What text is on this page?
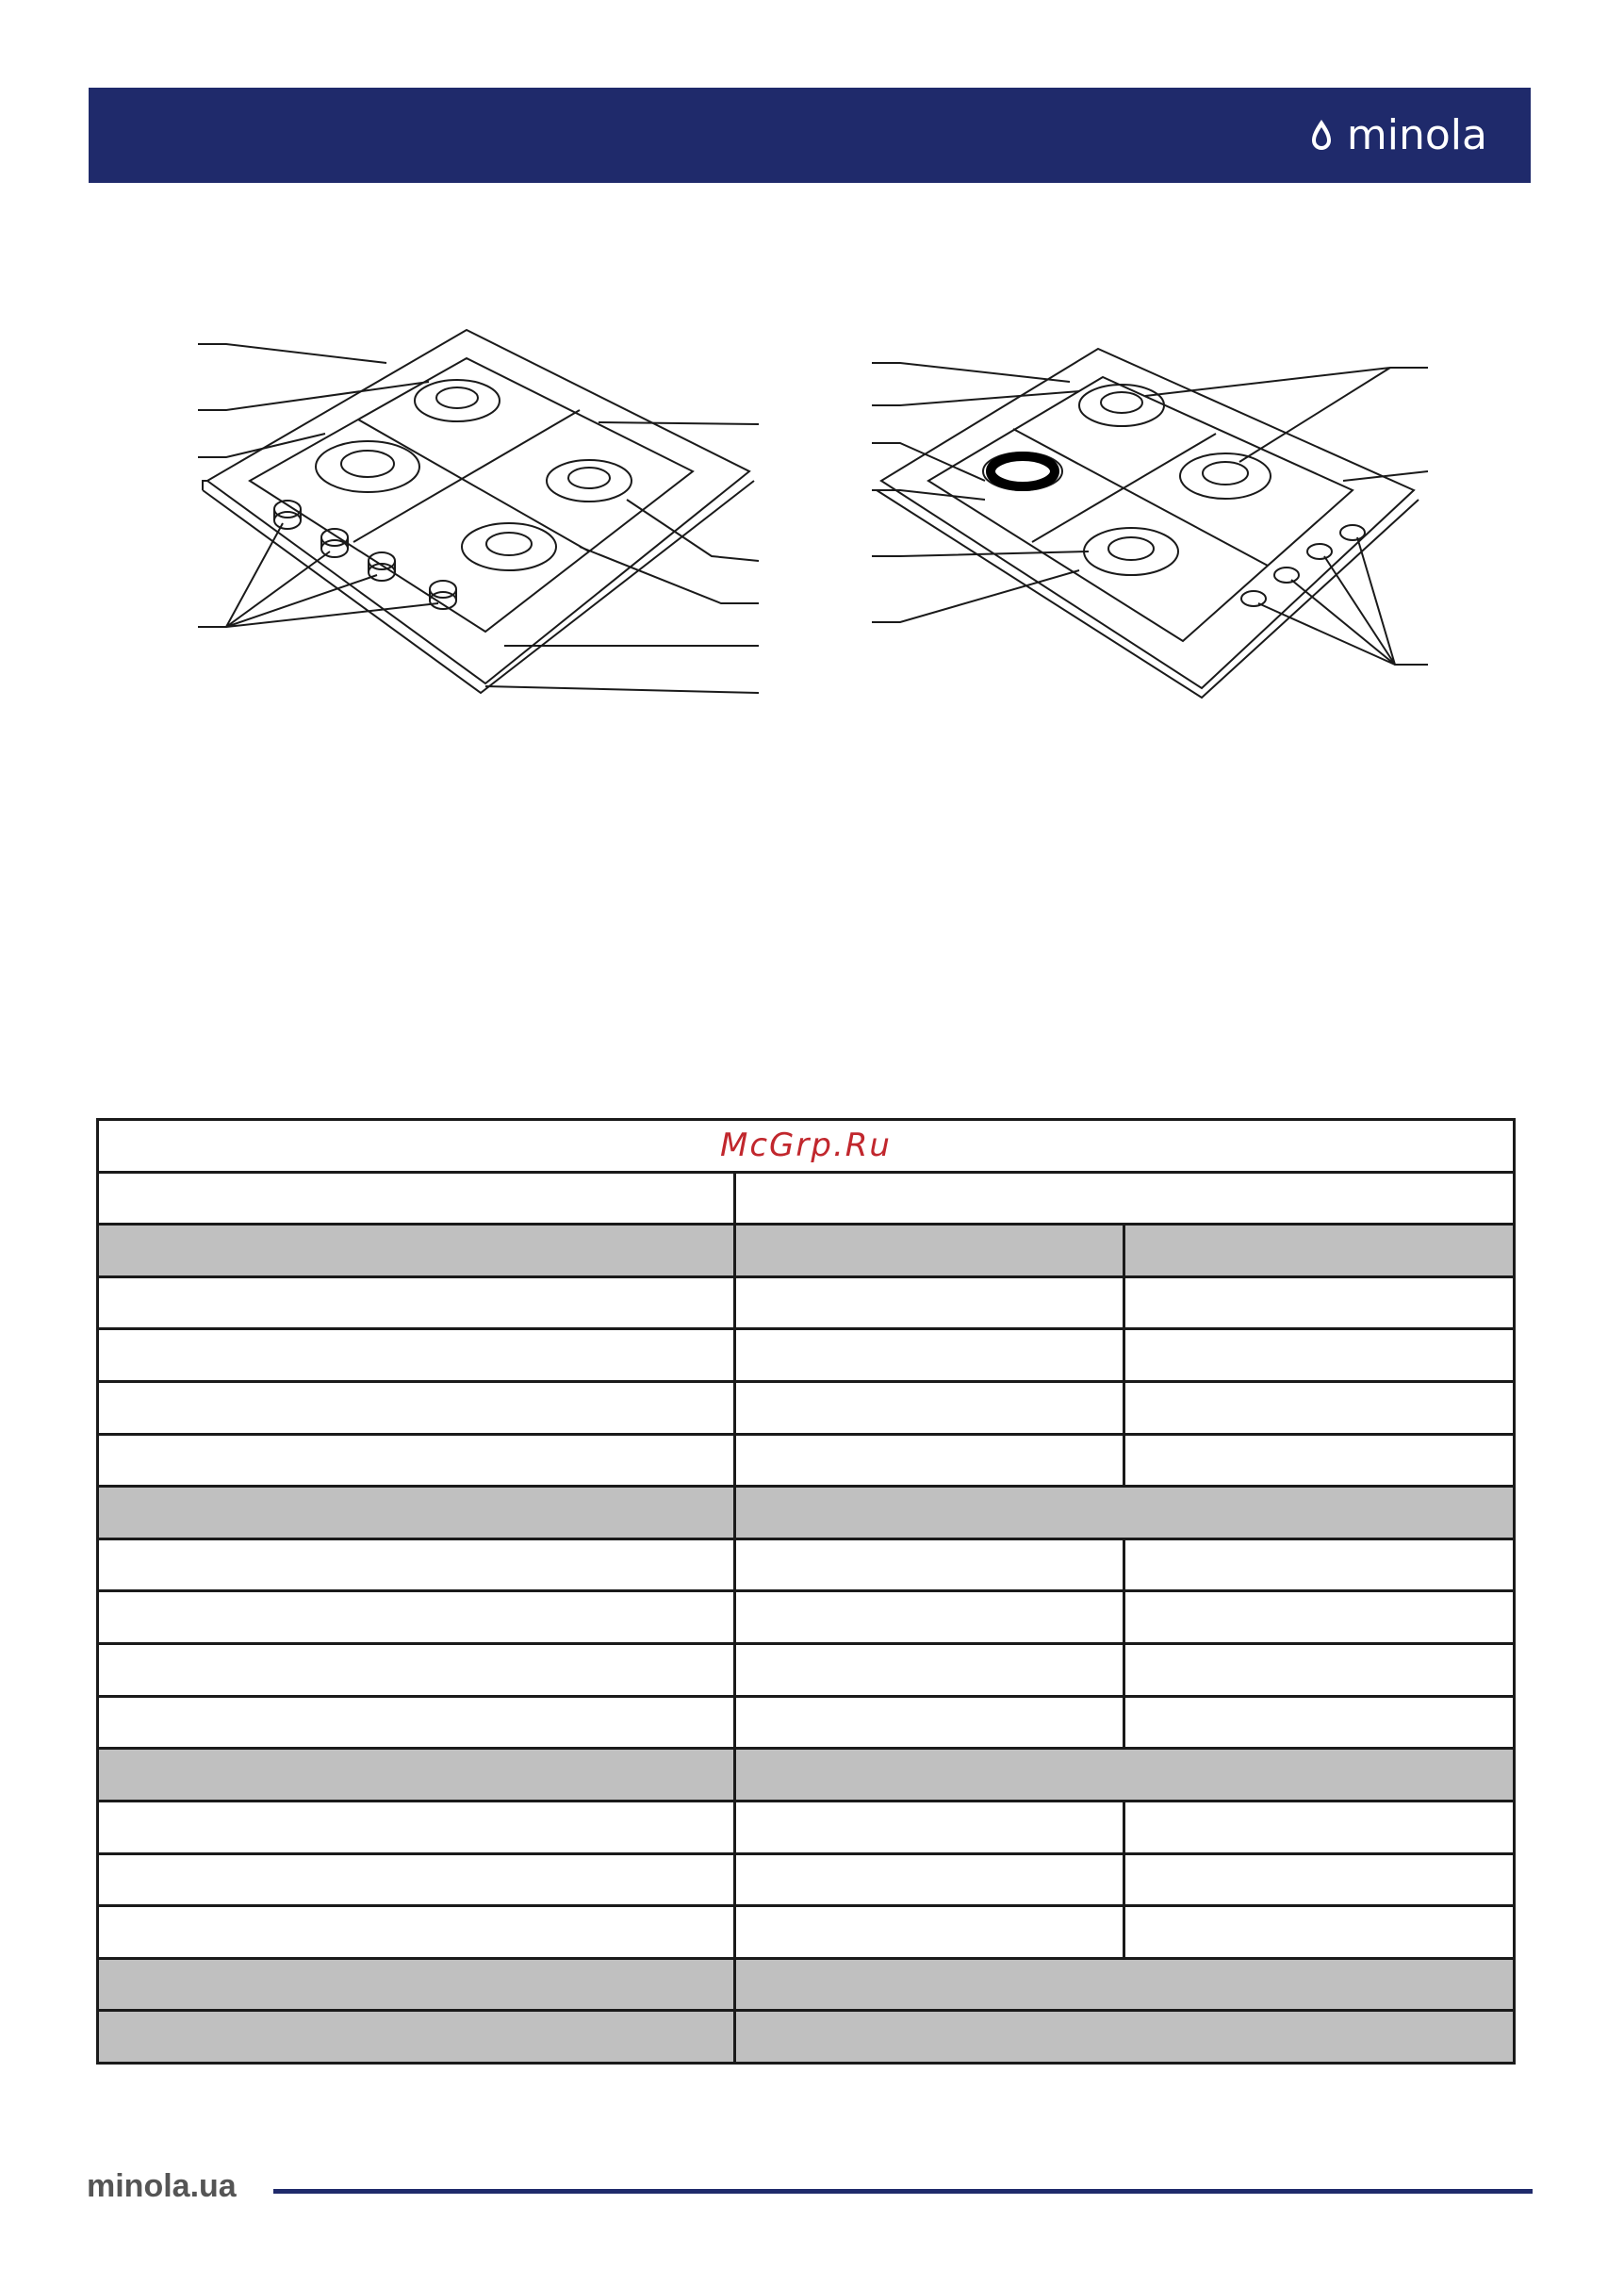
minola
McGrp.Ru		

minola.ua
